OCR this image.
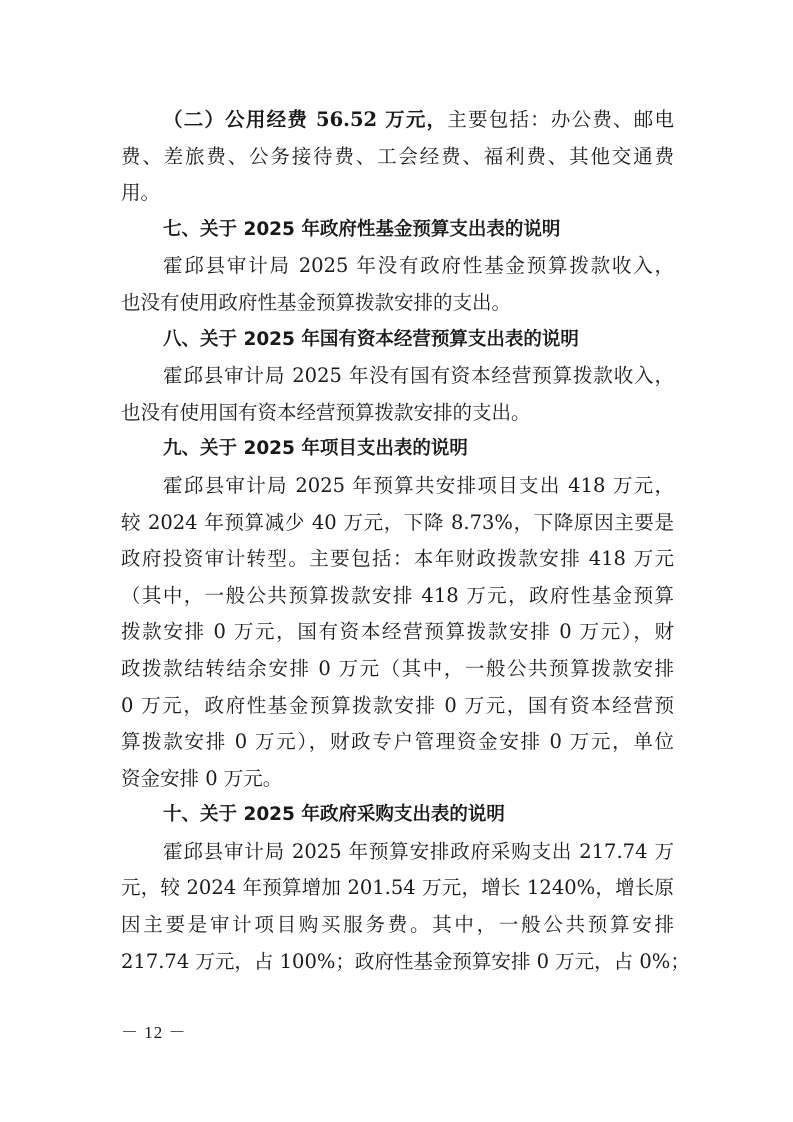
（二）公用经费 56.52 万元，主要包括：办公费、邮电
费、差旅费、公务接待费、工会经费、福利费、其他交通费
用。
七、关于 2025 年政府性基金预算支出表的说明
霍邱县审计局 2025 年没有政府性基金预算拨款收入，
也没有使用政府性基金预算拨款安排的支出。
八、关于 2025 年国有资本经营预算支出表的说明
霍邱县审计局 2025 年没有国有资本经营预算拨款收入，
也没有使用国有资本经营预算拨款安排的支出。
九、关于 2025 年项目支出表的说明
霍邱县审计局 2025 年预算共安排项目支出 418 万元，
较 2024 年预算减少 40 万元，下降 8.73%，下降原因主要是
政府投资审计转型。主要包括：本年财政拨款安排 418 万元
（其中，一般公共预算拨款安排 418 万元，政府性基金预算
拨款安排 0 万元，国有资本经营预算拨款安排 0 万元），财
政拨款结转结余安排 0 万元（其中，一般公共预算拨款安排
0 万元，政府性基金预算拨款安排 0 万元，国有资本经营预
算拨款安排 0 万元），财政专户管理资金安排 0 万元，单位
资金安排 0 万元。
十、关于 2025 年政府采购支出表的说明
霍邱县审计局 2025 年预算安排政府采购支出 217.74 万
元，较 2024 年预算增加 201.54 万元，增长 1240%，增长原
因主要是审计项目购买服务费。其中，一般公共预算安排
217.74 万元，占 100%；政府性基金预算安排 0 万元，占 0%；
－ 12 －
